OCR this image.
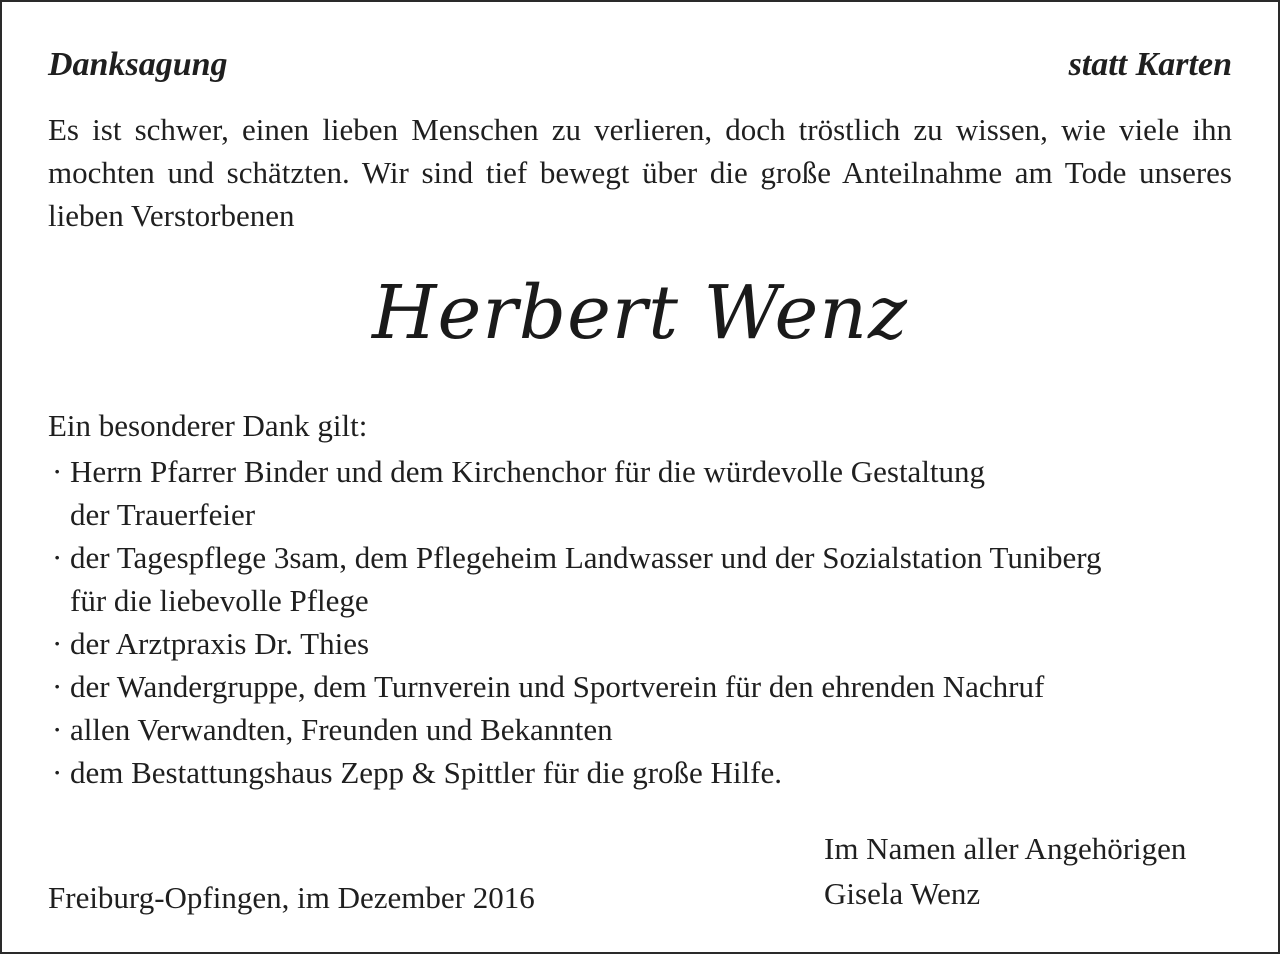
Danksagung	statt Karten

Es ist schwer, einen lieben Menschen zu verlieren, doch tröstlich zu wissen, wie viele ihn mochten und schätzten. Wir sind tief bewegt über die große Anteilnahme am Tode unseres lieben Verstorbenen

Herbert Wenz

Ein besonderer Dank gilt:

· Herrn Pfarrer Binder und dem Kirchenchor für die würdevolle Gestaltung
der Trauerfeier
· der Tagespflege 3sam, dem Pflegeheim Landwasser und der Sozialstation Tuniberg
für die liebevolle Pflege
· der Arztpraxis Dr. Thies
· der Wandergruppe, dem Turnverein und Sportverein für den ehrenden Nachruf
· allen Verwandten, Freunden und Bekannten
· dem Bestattungshaus Zepp & Spittler für die große Hilfe.

Freiburg-Opfingen, im Dezember 2016

Im Namen aller Angehörigen
Gisela Wenz
